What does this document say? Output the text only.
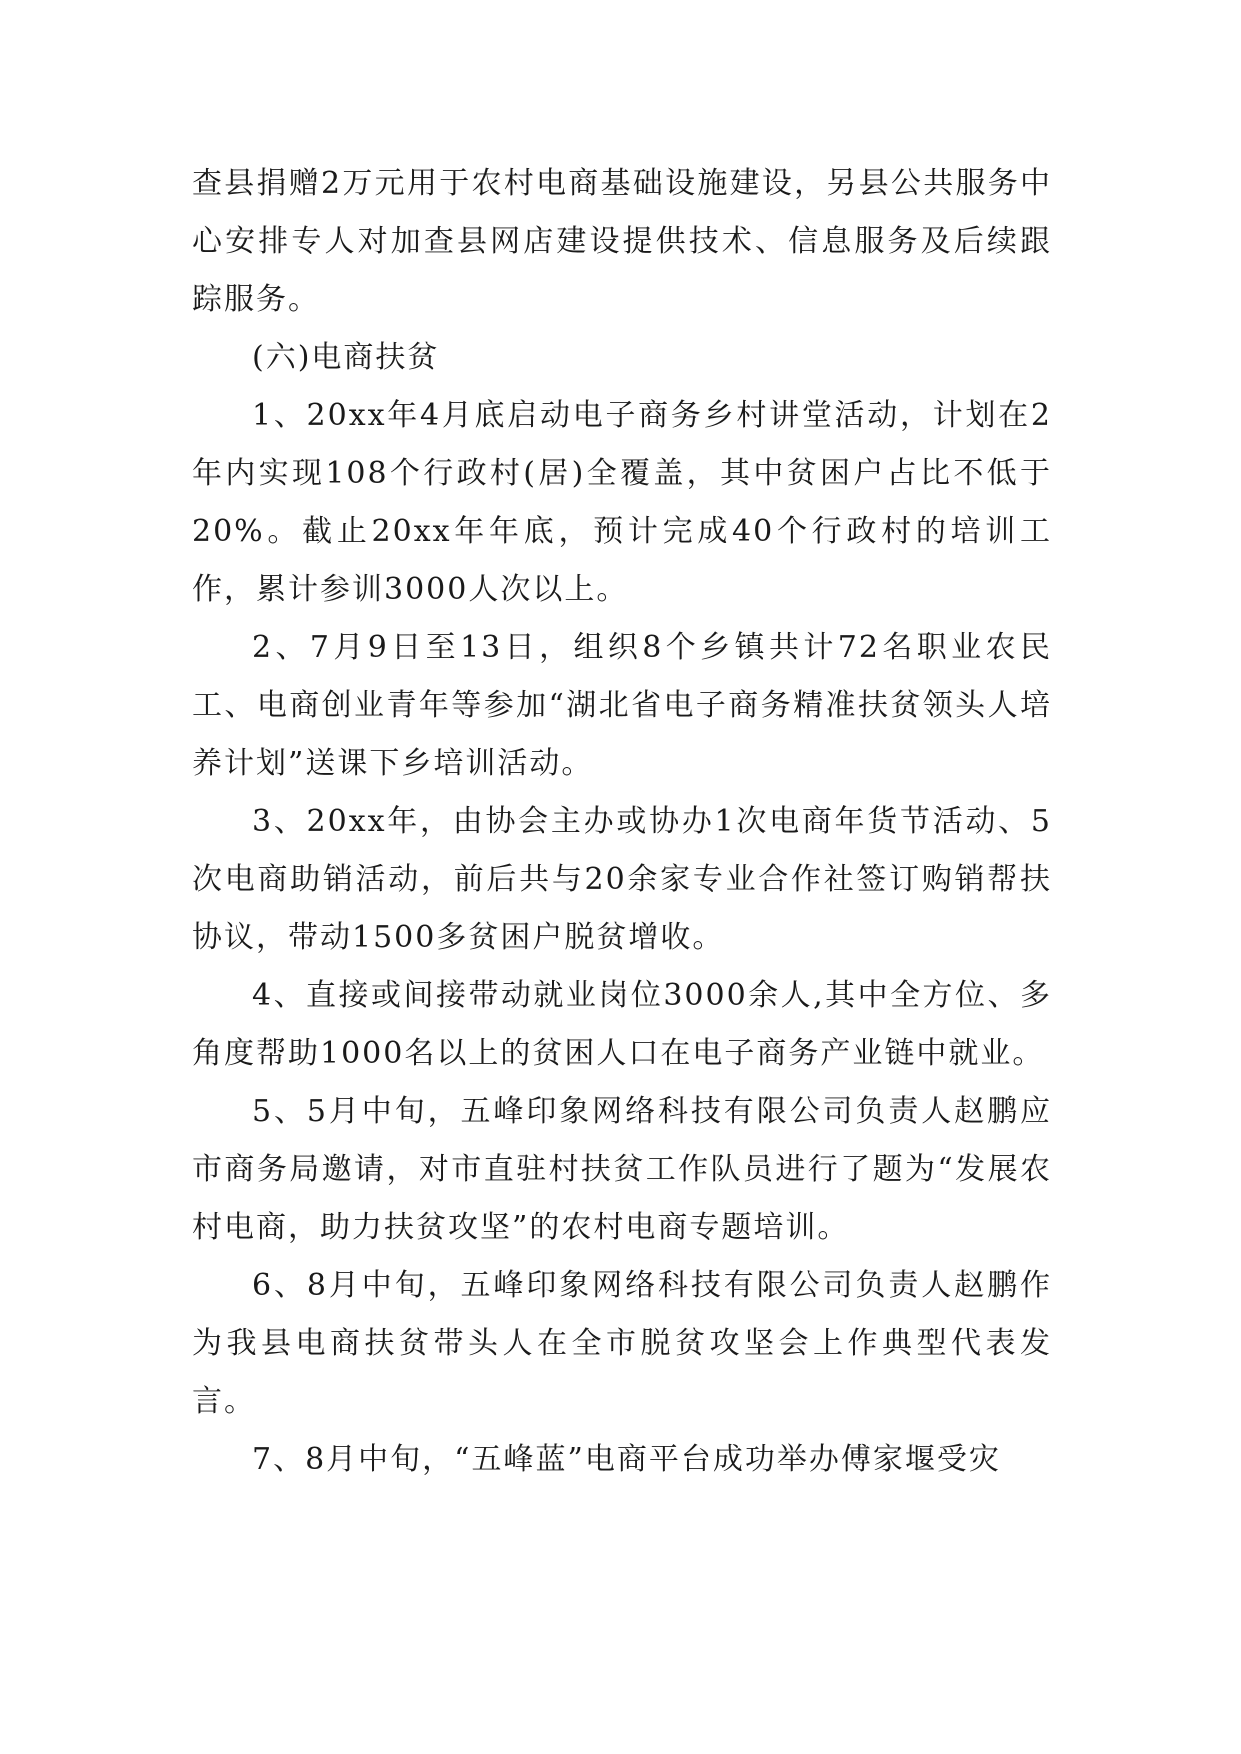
查县捐赠2万元用于农村电商基础设施建设，另县公共服务中心安排专人对加查县网店建设提供技术、信息服务及后续跟踪服务。

(六)电商扶贫

1、20xx年4月底启动电子商务乡村讲堂活动，计划在2年内实现108个行政村(居)全覆盖，其中贫困户占比不低于20%。截止20xx年年底，预计完成40个行政村的培训工作，累计参训3000人次以上。

2、7月9日至13日，组织8个乡镇共计72名职业农民工、电商创业青年等参加“湖北省电子商务精准扶贫领头人培养计划”送课下乡培训活动。

3、20xx年，由协会主办或协办1次电商年货节活动、5次电商助销活动，前后共与20余家专业合作社签订购销帮扶协议，带动1500多贫困户脱贫增收。

4、直接或间接带动就业岗位3000余人,其中全方位、多角度帮助1000名以上的贫困人口在电子商务产业链中就业。

5、5月中旬，五峰印象网络科技有限公司负责人赵鹏应市商务局邀请，对市直驻村扶贫工作队员进行了题为“发展农村电商，助力扶贫攻坚”的农村电商专题培训。

6、8月中旬，五峰印象网络科技有限公司负责人赵鹏作为我县电商扶贫带头人在全市脱贫攻坚会上作典型代表发言。

7、8月中旬，“五峰蓝”电商平台成功举办傅家堰受灾
